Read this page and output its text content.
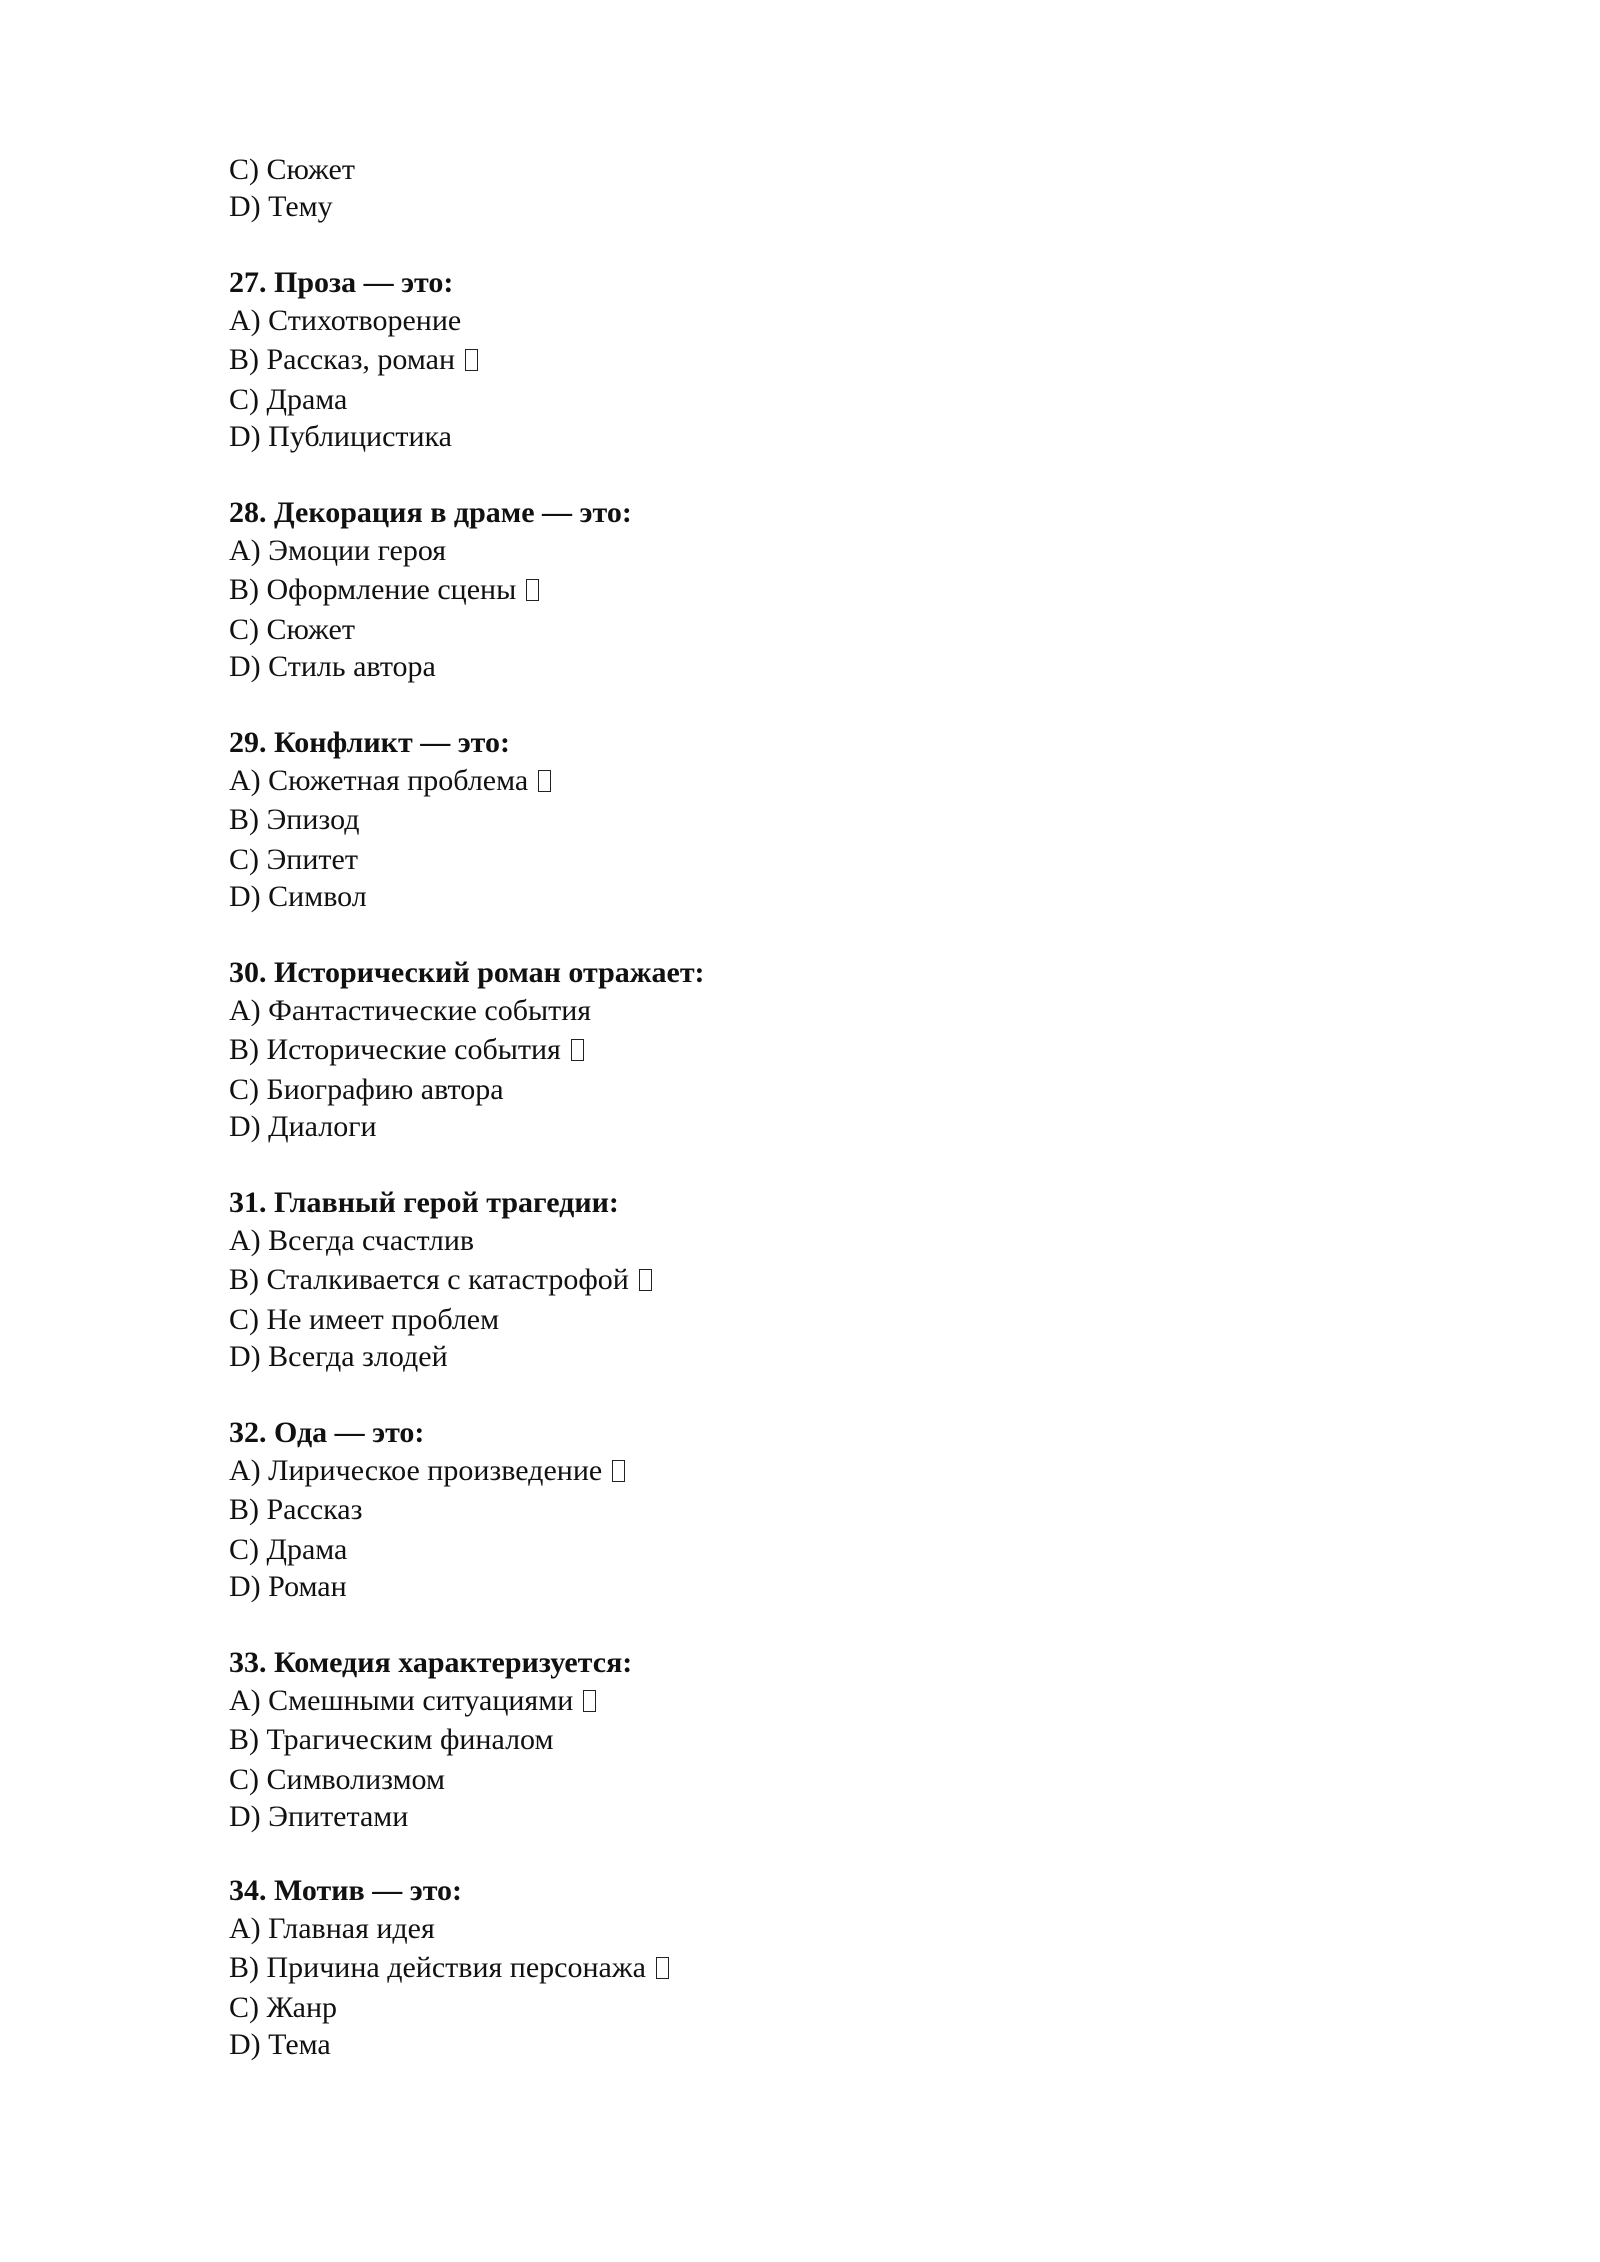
C) Сюжет
D) Тему
27. Проза — это:
A) Стихотворение
B) Рассказ, роман
C) Драма
D) Публицистика
28. Декорация в драме — это:
A) Эмоции героя
B) Оформление сцены
C) Сюжет
D) Стиль автора
29. Конфликт — это:
A) Сюжетная проблема
B) Эпизод
C) Эпитет
D) Символ
30. Исторический роман отражает:
A) Фантастические события
B) Исторические события
C) Биографию автора
D) Диалоги
31. Главный герой трагедии:
A) Всегда счастлив
B) Сталкивается с катастрофой
C) Не имеет проблем
D) Всегда злодей
32. Ода — это:
A) Лирическое произведение
B) Рассказ
C) Драма
D) Роман
33. Комедия характеризуется:
A) Смешными ситуациями
B) Трагическим финалом
C) Символизмом
D) Эпитетами
34. Мотив — это:
A) Главная идея
B) Причина действия персонажа
C) Жанр
D) Тема
